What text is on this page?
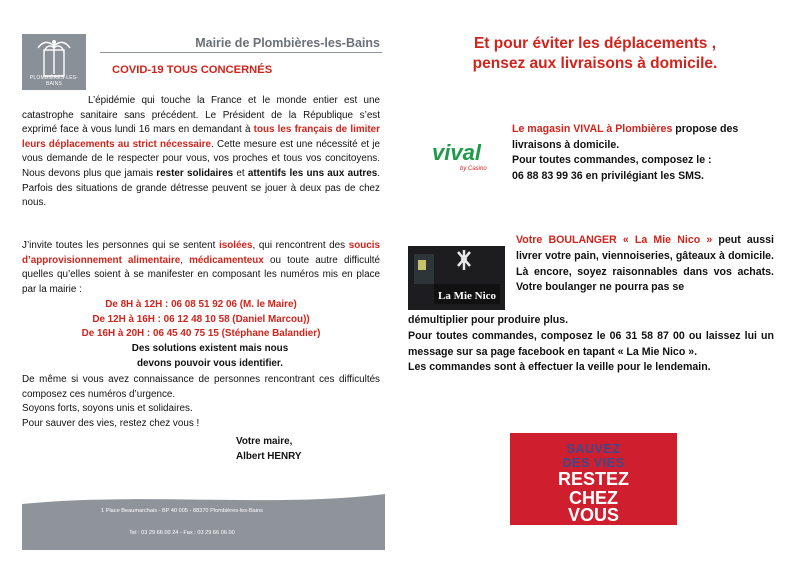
PLOMBIÈRES-LES-BAINS
Mairie de Plombières-les-Bains
COVID-19 TOUS CONCERNÉS
L’épidémie qui touche la France et le monde entier est une catastrophe sanitaire sans précédent. Le Président de la République s’est exprimé face à vous lundi 16 mars en demandant à tous les français de limiter leurs déplacements au strict nécessaire. Cette mesure est une nécessité et je vous demande de le respecter pour vous, vos proches et tous vos concitoyens. Nous devons plus que jamais rester solidaires et attentifs les uns aux autres. Parfois des situations de grande détresse peuvent se jouer à deux pas de chez nous.
J’invite toutes les personnes qui se sentent isolées, qui rencontrent des soucis d’approvisionnement alimentaire, médicamenteux ou toute autre difficulté quelles qu’elles soient à se manifester en composant les numéros mis en place par la mairie :
De 8H à 12H : 06 08 51 92 06 (M. le Maire)
De 12H à 16H : 06 12 48 10 58 (Daniel Marcou))
De 16H à 20H : 06 45 40 75 15 (Stéphane Balandier)
Des solutions existent mais nous
devons pouvoir vous identifier.
De même si vous avez connaissance de personnes rencontrant ces difficultés composez ces numéros d’urgence.
Soyons forts, soyons unis et solidaires.
Pour sauver des vies, restez chez vous !
Votre maire,
Albert HENRY
1 Place Beaumarchais - BP 40 005 - 88370 Plombières-les-Bains
Tel : 03 29 66 00 24 - Fax : 03 29 66 06 00
Et pour éviter les déplacements ,
pensez aux livraisons à domicile.
vival
by Casino
Le magasin VIVAL à Plombières propose des livraisons à domicile.
Pour toutes commandes, composez le :
06 88 83 99 36 en privilégiant les SMS.
La Mie Nico
Votre BOULANGER « La Mie Nico » peut aussi livrer votre pain, viennoiseries, gâteaux à domicile. Là encore, soyez raisonnables dans vos achats. Votre boulanger ne pourra pas se
démultiplier pour produire plus.
Pour toutes commandes, composez le 06 31 58 87 00 ou laissez lui un message sur sa page facebook en tapant « La Mie Nico ».
Les commandes sont à effectuer la veille pour le lendemain.
SAUVEZ
DES VIES
RESTEZ
CHEZ
VOUS
